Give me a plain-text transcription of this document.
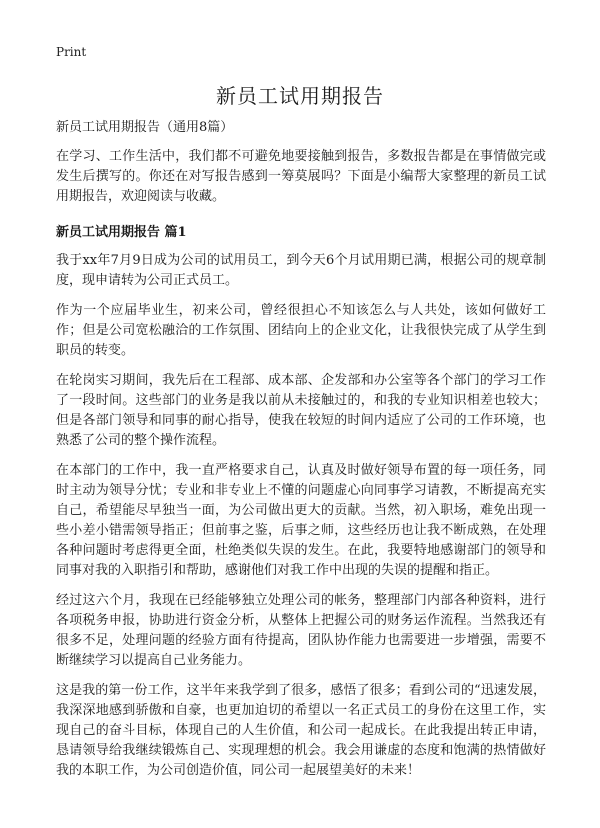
Print
新员工试用期报告

新员工试用期报告（通用8篇）

在学习、工作生活中，我们都不可避免地要接触到报告，多数报告都是在事情做完或发生后撰写的。你还在对写报告感到一筹莫展吗？下面是小编帮大家整理的新员工试用期报告，欢迎阅读与收藏。

新员工试用期报告 篇1

我于xx年7月9日成为公司的试用员工，到今天6个月试用期已满，根据公司的规章制度，现申请转为公司正式员工。

作为一个应届毕业生，初来公司，曾经很担心不知该怎么与人共处，该如何做好工作；但是公司宽松融洽的工作氛围、团结向上的企业文化，让我很快完成了从学生到职员的转变。

在轮岗实习期间，我先后在工程部、成本部、企发部和办公室等各个部门的学习工作了一段时间。这些部门的业务是我以前从未接触过的，和我的专业知识相差也较大；但是各部门领导和同事的耐心指导，使我在较短的时间内适应了公司的工作环境，也熟悉了公司的整个操作流程。

在本部门的工作中，我一直严格要求自己，认真及时做好领导布置的每一项任务，同时主动为领导分忧；专业和非专业上不懂的问题虚心向同事学习请教，不断提高充实自己，希望能尽早独当一面，为公司做出更大的贡献。当然，初入职场，难免出现一些小差小错需领导指正；但前事之鉴，后事之师，这些经历也让我不断成熟，在处理各种问题时考虑得更全面，杜绝类似失误的发生。在此，我要特地感谢部门的领导和同事对我的入职指引和帮助，感谢他们对我工作中出现的失误的提醒和指正。

经过这六个月，我现在已经能够独立处理公司的帐务，整理部门内部各种资料，进行各项税务申报，协助进行资金分析，从整体上把握公司的财务运作流程。当然我还有很多不足，处理问题的经验方面有待提高，团队协作能力也需要进一步增强，需要不断继续学习以提高自己业务能力。

这是我的第一份工作，这半年来我学到了很多，感悟了很多；看到公司的“迅速发展，我深深地感到骄傲和自豪，也更加迫切的希望以一名正式员工的身份在这里工作，实现自己的奋斗目标，体现自己的人生价值，和公司一起成长。在此我提出转正申请，恳请领导给我继续锻炼自己、实现理想的机会。我会用谦虚的态度和饱满的热情做好我的本职工作，为公司创造价值，同公司一起展望美好的未来！
